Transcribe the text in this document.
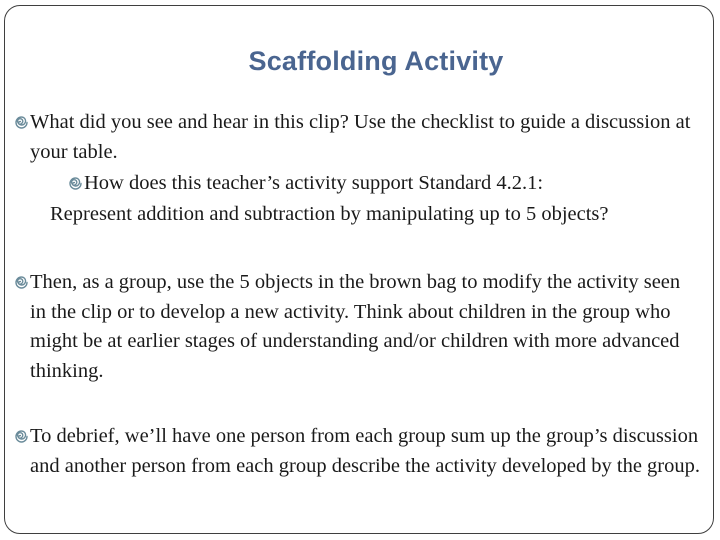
Scaffolding Activity

What did you see and hear in this clip? Use the checklist to guide a discussion at your table.

How does this teacher’s activity support Standard 4.2.1:

Represent addition and subtraction by manipulating up to 5 objects?

Then, as a group, use the 5 objects in the brown bag to modify the activity seen in the clip or to develop a new activity. Think about children in the group who might be at earlier stages of understanding and/or children with more advanced thinking.

To debrief, we’ll have one person from each group sum up the group’s discussion and another person from each group describe the activity developed by the group.
